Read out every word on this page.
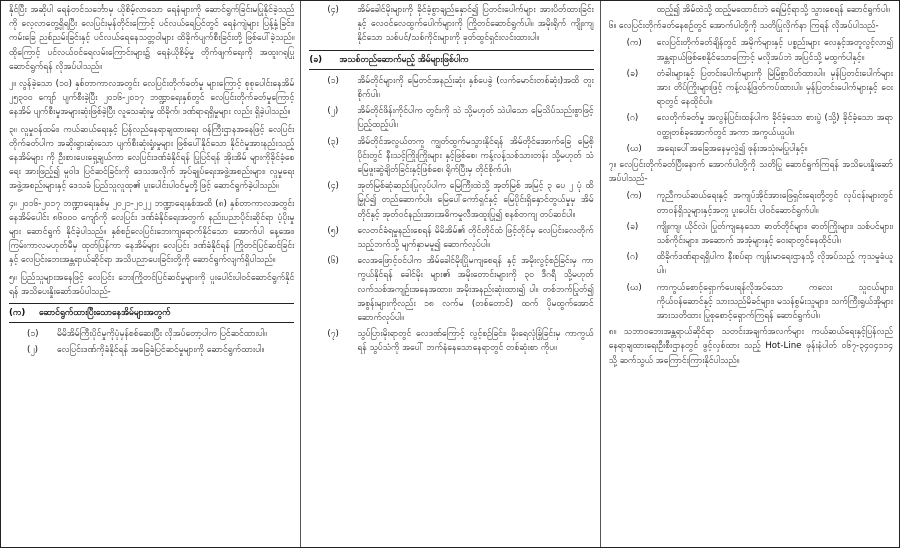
နိုင်ပြီး အဆိုပါ ရေနံတင်သင်္ဘောမှ ယိုစိမ့်လာသော ရေနံများကို ဆောင်ရွက်ခြင်းမပြုနိုင်ခဲ့သည်ကို လေ့လာတွေ့ရှိရပြီး လေပြင်းမုန်တိုင်းကြောင့် ပင်လယ်ရေပြင်တွင် ရေနံကျဲများ ပြန့်နှံ့ခြင်း၊ ကမ်းခြေ ညစ်ညမ်းခြင်းနှင့် ပင်လယ်ရေနေသတ္တဝါများ ထိခိုက်ပျက်စီးခြင်းတို့ ဖြစ်ပေါ်ခဲ့သည်။ ထိုကြောင့် ပင်လယ်ဝင်ရေလမ်းကြောင်းများ၌ ရေနံယိုစိမ့်မှု တိုက်ဖျက်ရေးကို အထူးဂရုပြု ဆောင်ရွက်ရန် လိုအပ်ပါသည်။

၂။ လွန်ခဲ့သော (၁၀) နှစ်တာကာလအတွင်း လေပြင်းတိုက်ခတ်မှု များကြောင့် စုစုပေါင်းနေအိမ် ၂၅၃၀၀ ကျော် ပျက်စီးခဲ့ပြီး ၂၀၁၆-၂၀၁၇ ဘဏ္ဍာရေးနှစ်တွင် လေပြင်းတိုက်ခတ်မှုကြောင့် နေအိမ် ပျက်စီးမှုအများဆုံးဖြစ်ခဲ့ပြီး လူသေဆုံးမှု ထိခိုက်၊ ဒဏ်ရာရရှိမှုများ လည်း ရှိခဲ့ပါသည်။

၃။ လူမှုဝန်ထမ်း၊ ကယ်ဆယ်ရေးနှင့် ပြန်လည်နေရာချထားရေး ဝန်ကြီးဌာနအနေဖြင့် လေပြင်းတိုက်ခတ်ပါက အဆိုးရွားဆုံးသော ပျက်စီးဆုံးရှုံးမှုများ ဖြစ်ပေါ်နိုင်သော နိုင်ငံမှုအားနည်းသည့် နေအိမ်များ ကို ဦးစားပေးရှေ့ချယ်ကာ လေပြင်းဒဏ်ခံနိုင်ရန် ပြုပြင်ရန် အိုးအိမ် များကိုခိုင်ခံ့စေရေး အားဖြည့်၍ မူဝါဒ ပြင်ဆင်ခြင်းကို ဒေသအလိုက် အုပ်ချုပ်ရေးအဖွဲ့အစည်းများ၊ လူမှုရေးအဖွဲ့အစည်းများနှင့် ဒေသခံ ပြည်သူလူထု၏ ပူးပေါင်းပါဝင်မှုတို့ဖြင့် ဆောင်ရွက်ခဲ့ပါသည်။

၄။ ၂၀၁၆-၂၀၁၇ ဘဏ္ဍာရေးနှစ်မှ ၂၀၂၁-၂၀၂၂ ဘဏ္ဍာရေးနှစ်အထိ (၈) နှစ်တာကာလအတွင်း နေအိမ်ပေါင်း ၈၆၀၀၀ ကျော်ကို လေပြင်း ဒဏ်ခံနိုင်ရေးအတွက် နည်းပညာပိုင်းဆိုင်ရာ ပံ့ပိုးမှုများ ဆောင်ရွက် နိုင်ခဲ့ပါသည်။ နှစ်စဉ်လေပြင်းဘေးကျရောက်နိုင်သော အောက်ပါ နေ့အေး၊ ကြမ်းကာလမဟုတ်မီမှ ထုတ်ပြန်ကာ နေအိမ်များ လေပြင်း ဒဏ်ခံနိုင်ရန် ကြိုတင်ပြင်ဆင်ခြင်းနှင့် လေပြင်းဘေးအန္တရာယ်ဆိုင်ရာ အသိပညာပေးခြင်းတို့ကို ဆောင်ရွက်လျက်ရှိပါသည်။

၅။ ပြည်သူများအနေဖြင့် လေပြင်း ဘေးကြိုတင်ပြင်ဆင်မှုများကို ပူးပေါင်းပါဝင်ဆောင်ရွက်နိုင်ရန် အသိပေးနှိုးဆော်အပ်ပါသည်-

(က)	ဆောင်ရွက်ထားပြီးသောနေအိမ်များအတွက်
(၁)	မိမိအိမ်ကြီးပိုင်မှုကိုပုံမှန်စစ်ဆေးပြီး လိုအပ်တော့ပါက ပြင်ဆင်ထားပါ။
(၂)	လေပြင်းဒဏ်ကိုခံနိုင်ရန် အခြေခံပြင်ဆင်မှုများကို ဆောင်ရွက်ထားပါ။
(၄)	အိမ်ခေါင်မိုးများကို ခိုင်ခံ့စွာချည်နှောင်၍ ပြတင်းပေါက်များ အားပိတ်ထားခြင်းနှင့် လေဝင်လေထွက်ပေါက်များကို ကြိုတင်ဆောင်ရွက်ပါ။ အမိုးရိုက် ကျိုးကျနိုင်သော သစ်ပင်/သစ်ကိုင်းများကို ခုတ်ထွင်ရှင်းလင်းထားပါ။
(ခ)	အသစ်တည်ဆောက်မည့် အိမ်များဖြစ်ပါက
(၁)	အိမ်တိုင်များကို မြေတင်အနည်းဆုံး နှစ်ပေခွဲ (လက်မောင်းတစ်ဆုံး)အထိ တူးစိုက်ပါ။
(၂)	အိမ်တိုင်ဖိန်းကိုင်ပါက တွင်းကို သဲ သို့မဟုတ် သဲပါသော မြေသိပ်သည်းစွာဖြင့် ပြည့်ထည့်ပါ။
(၃)	အိမ်တိုင်အလွယ်တကူ ကျွတ်ထွက်မသွားနိုင်ရန် အိမ်တိုင်အောက်ခြေ မြေစိုပိုင်းတွင် နီးသင့်ကြိုးကြိုးများ နှင့်ဖြစ်စေ၊ ကန့်လန့်သစ်သားတန်း သို့မဟုတ် သံမြေဖူးဆွဲချိတ်ခြင်းနှင့်ဖြစ်စေ၊ ရိုက်ပြီးမှ တိုင်စိုက်ပါ။
(၄)	အုတ်မြစ်ဆုံဆည်းပြုလုပ်ပါက မြေကြီးထဲသို့ အုတ်မြစ် အမြင့် ၃ ပေ ၂ ပုံ ထိ မြှုပ်၍ တည်ဆောက်ပါ။ မြေပေါ်ကော်ရှင်နှင့် မြေပိုင်းရှိနှောင်တွယ်မှုမှ အိမ်တိုင်နှင့် အုတ်ဝင်နည်းအားအဓိကမှုလီအထူးပြု၍ စနစ်တကျ တပ်ဆင်ပါ။
(၅)	လေတင်ခံရမှုနည်းစေရန် မိမိအိမ်၏ တိုင်တိုင်ထံ ဖြင့်တိုင်မှ လေပြင်းလေတိုက်သည့်ဘက်သို့ မျက်နှာမမူ၍ ဆောက်လုပ်ပါ။
(၆)	လေအဖြောင့်ဝင်ပါက အိမ်ခေါင်မိုးပြိုမကျစေရန် နှင့် အမိုးလွင့်စဉ်ခြင်းမှ ကာကွယ်နိုင်ရန် ခေါင်မိုး များ၏ အမိုးတောင်းများကို ၃၀ ဒီဂရီ သို့မဟုတ် လက်သစ်အကျဉ်းအနေအထား၊ အမိုးအနည်းဆုံးထား၍ ပါ။ တစ်ဘက်ပြုတ်၍ အစွန်းများကိုလည်း ၁၈ လက်မ (တစ်တောင်) ထက် ပိုမထွက်အောင် ဆောက်လုပ်ပါ။
(၇)	သွပ်ပြားမိုးရာတွင် လေဒဏ်ကြောင့် လွင့်စဉ်ခြင်း၊ မိုးရေလုံခြုံခြင်းမှ ကာကွယ်ရန် သွပ်သံကို အပေါ် ဘက်နံနေသောနေရာတွင် တစ်ဆုံးစာ ကိုပ။
ထည့်၍ အိမ်ထဲသို့ ထည့်မထောင်းဘဲ ရေမြင့်ရာသို့ သွားစေရန် ဆောင်ရွက်ပါ။

၆။ လေပြင်းတိုက်ခတ်နေစဉ်တွင် အောက်ပါတို့ကို သတိပြုလိုက်နာ ကြရန် လိုအပ်ပါသည်-

(က)	လေပြင်းတိုက်ခတ်ချိန်တွင် အမိုက်များနှင့် ပစ္စည်းများ လေနှင့်အတူလွင့်လာ၍ အန္တရာယ်ဖြစ်စေနိုင်သောကြောင့် မလိုအပ်ဘဲ အပြင်သို့ မထွက်ပါနှင့်။
(ခ)	တံခါးများနှင့် ပြတင်းပေါက်များကို မြဲမြံစွာပိတ်ထားပါ။ မှန်ပြတင်းပေါက်များအား တိပ်ကြိုးများဖြင့် ကန့်လန့်ဖြတ်ကပ်ထားပါ။ မှန်ပြတင်းပေါက်များနှင့် ဝေးရာတွင် နေထိုင်ပါ။
(ဂ)	လေတိုက်ခတ်မှု အလွန်ပြင်းထန်ပါက ခိုင်ခံ့သော စားပွဲ (သို့) ခိုင်ခံ့သော အရာဝတ္ထုတစ်ခုအောက်တွင် အကာ အကွယ်ယူပါ။
(ဃ)	အရေးပေါ်အခြေအနေမှလွဲ၍ ဖုန်းအသုံးမပြုပါနှင့်။

၇။ လေပြင်းတိုက်ခတ်ပြီးနောက် အောက်ပါတို့ကို သတိပြု ဆောင်ရွက်ကြရန် အသိပေးနှိုးဆော်အပ်ပါသည်-

(က)	ကူညီကယ်ဆယ်ရေးနှင့် အကျပ်အိုင်အားဖြေရှင်းရေးတို့တွင် လုပ်ငန်းများတွင် တာဝန်ရှိသူများနှင့်အတူ ပူးပေါင်း ပါဝင်ဆောင်ရွက်ပါ။
(ခ)	ကျိုးကျ၊ ယိုင်လဲ၊ ပြုတ်ကျနေသော ဓာတ်တိုင်များ၊ ဓာတ်ကြိုးများ၊ သစ်ပင်များ၊ သစ်ကိုင်းများ၊ အဆောက် အအုံများနှင့် ဝေးရာတွင်နေထိုင်ပါ။
(ဂ)	ထိခိုက်ဒဏ်ရာရရှိပါက နီးစပ်ရာ ကျန်းမာရေးဌာနသို့ လိုအပ်သည့် ကုသမှုခံယူပါ။
(ဃ)	ကာကွယ်စောင့်ရှောက်ပေးရန်လိုအပ်သော ကလေး သူငယ်များ၊ ကိုယ်ဝန်ဆောင်နှင့် သားသည်မိခင်များ၊ မသန်စွမ်းသူများ၊ သက်ကြီးရွယ်အိုများအားသတိထား ပြုစုစောင့်ရှောက်ကြရန် ဆောင်ရွက်ပါ။

၈။ သဘာဝဘေးအန္တရာယ်ဆိုင်ရာ သတင်းအချက်အလက်များ ကယ်ဆယ်ရေးနှင့်ပြန်လည်နေရာချထားရေးဦးစီးဌာနတွင် ဖွင့်လှစ်ထား သည့် Hot-Line ဖုန်းနံပါတ် ၀၆၇-၃၄၀၄၁၁၄ သို့ ဆက်သွယ် အကြောင်းကြားနိုင်ပါသည်။
